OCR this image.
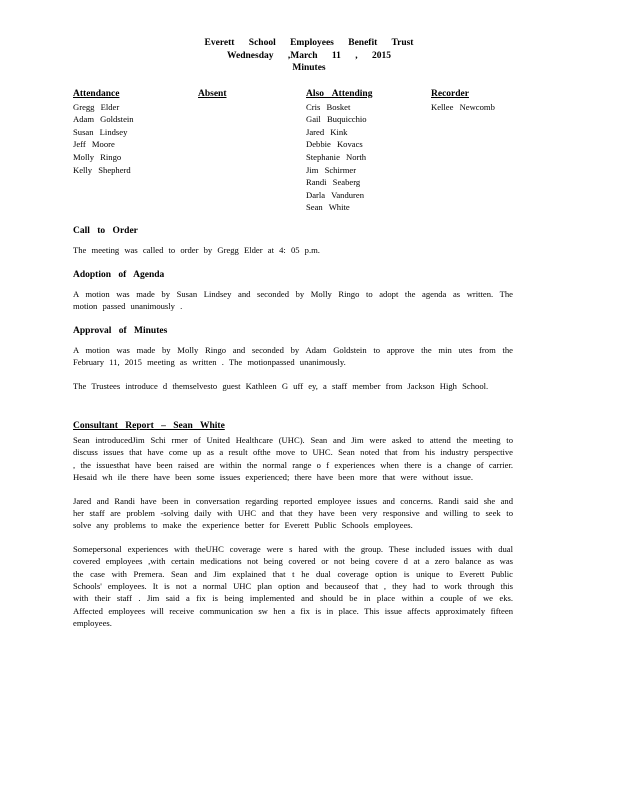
Everett School Employees Benefit Trust
Wednesday ,March 11 , 2015
Minutes
Attendance
Gregg Elder
Adam Goldstein
Susan Lindsey
Jeff Moore
Molly Ringo
Kelly Shepherd
Absent	Also Attending
Cris Bosket
Gail Buquicchio
Jared Kink
Debbie Kovacs
Stephanie North
Jim Schirmer
Randi Seaberg
Darla Vanduren
Sean White
Recorder
Kellee Newcomb
Call to Order

The meeting was called to order by Gregg Elder at 4: 05 p.m.

Adoption of Agenda

A motion was made by Susan Lindsey and seconded by Molly Ringo to adopt the agenda as written. The motion passed unanimously .

Approval of Minutes

A motion was made by Molly Ringo and seconded by Adam Goldstein to approve the min utes from the February 11, 2015 meeting as written . The motionpassed unanimously.

The Trustees introduce d themselvesto guest Kathleen G uff ey, a staff member from Jackson High School.

Consultant Report – Sean White

Sean introducedJim Schi rmer of United Healthcare (UHC). Sean and Jim were asked to attend the meeting to discuss issues that have come up as a result ofthe move to UHC. Sean noted that from his industry perspective , the issuesthat have been raised are within the normal range o f experiences when there is a change of carrier. Hesaid wh ile there have been some issues experienced; there have been more that were without issue.

Jared and Randi have been in conversation regarding reported employee issues and concerns. Randi said she and her staff are problem -solving daily with UHC and that they have been very responsive and willing to seek to solve any problems to make the experience better for Everett Public Schools employees.

Somepersonal experiences with theUHC coverage were s hared with the group. These included issues with dual covered employees ,with certain medications not being covered or not being covere d at a zero balance as was the case with Premera. Sean and Jim explained that t he dual coverage option is unique to Everett Public Schools' employees. It is not a normal UHC plan option and becauseof that , they had to work through this with their staff . Jim said a fix is being implemented and should be in place within a couple of we eks. Affected employees will receive communication sw hen a fix is in place. This issue affects approximately fifteen employees.
